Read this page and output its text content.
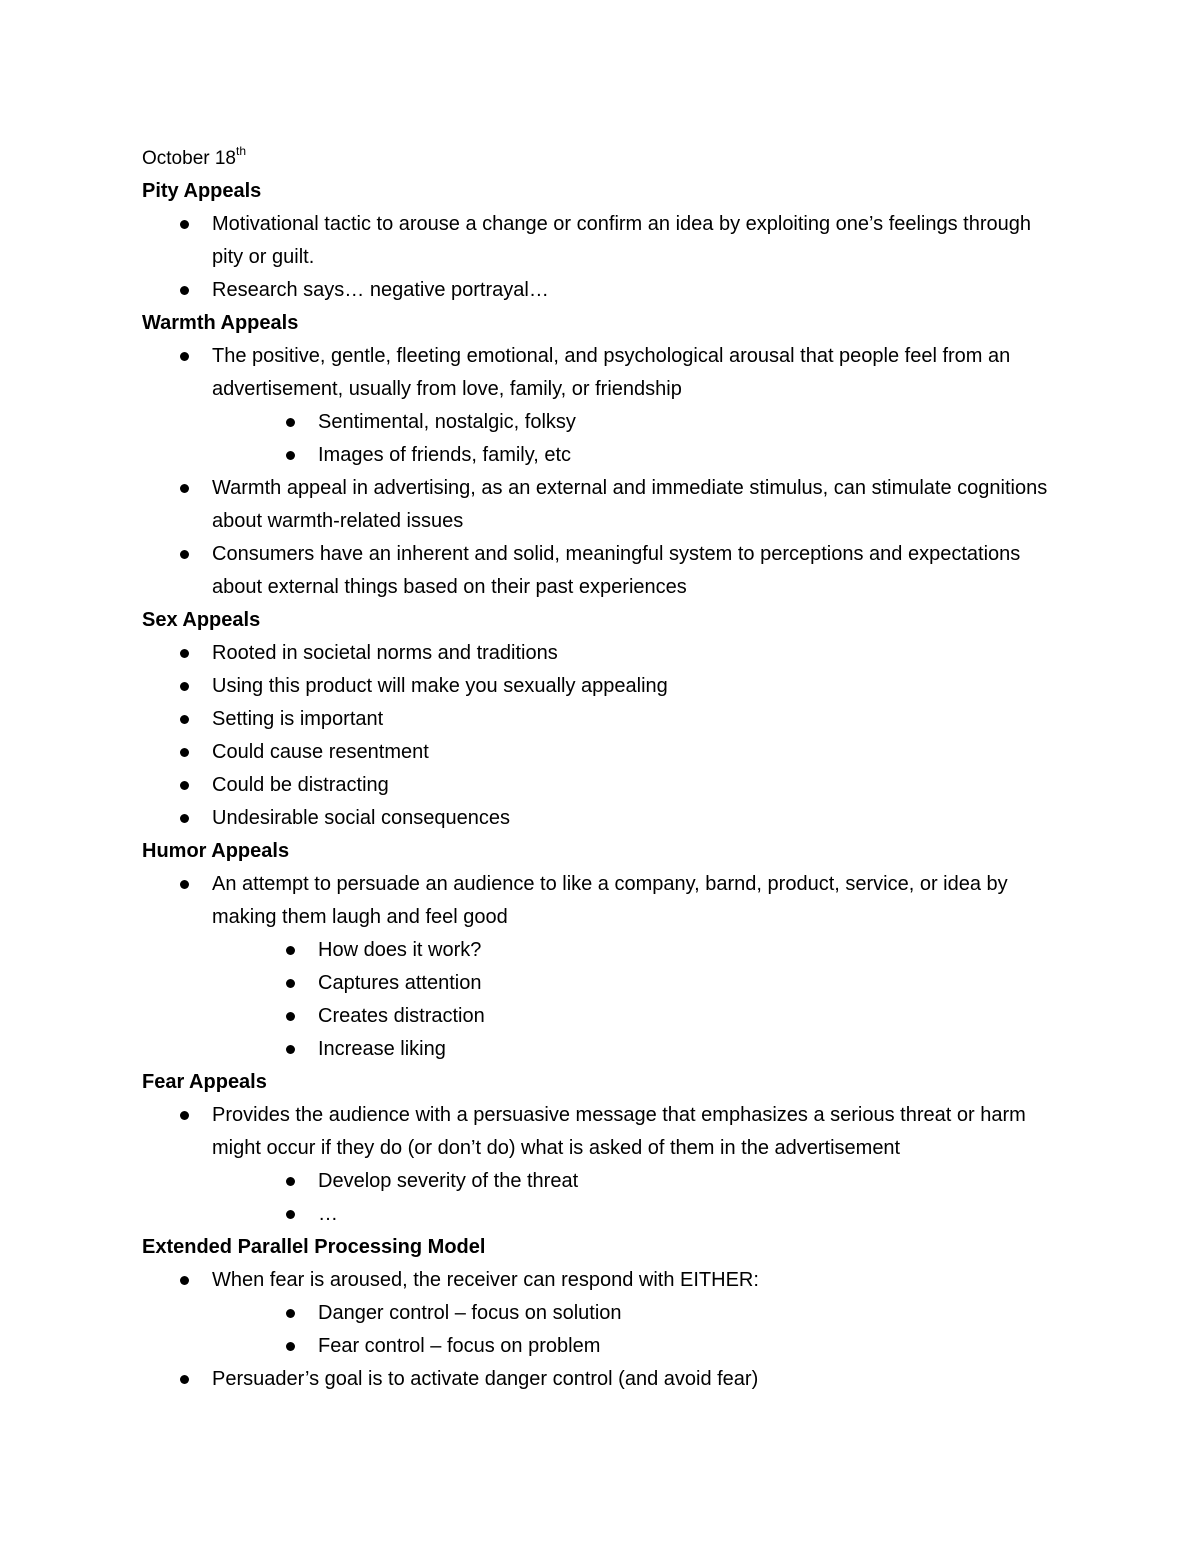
October 18th
Pity Appeals
Motivational tactic to arouse a change or confirm an idea by exploiting one’s feelings through pity or guilt.
Research says… negative portrayal…
Warmth Appeals
The positive, gentle, fleeting emotional, and psychological arousal that people feel from an advertisement, usually from love, family, or friendship
Sentimental, nostalgic, folksy
Images of friends, family, etc
Warmth appeal in advertising, as an external and immediate stimulus, can stimulate cognitions about warmth-related issues
Consumers have an inherent and solid, meaningful system to perceptions and expectations about external things based on their past experiences
Sex Appeals
Rooted in societal norms and traditions
Using this product will make you sexually appealing
Setting is important
Could cause resentment
Could be distracting
Undesirable social consequences
Humor Appeals
An attempt to persuade an audience to like a company, barnd, product, service, or idea by making them laugh and feel good
How does it work?
Captures attention
Creates distraction
Increase liking
Fear Appeals
Provides the audience with a persuasive message that emphasizes a serious threat or harm might occur if they do (or don’t do) what is asked of them in the advertisement
Develop severity of the threat
…
Extended Parallel Processing Model
When fear is aroused, the receiver can respond with EITHER:
Danger control – focus on solution
Fear control – focus on problem
Persuader’s goal is to activate danger control (and avoid fear)
